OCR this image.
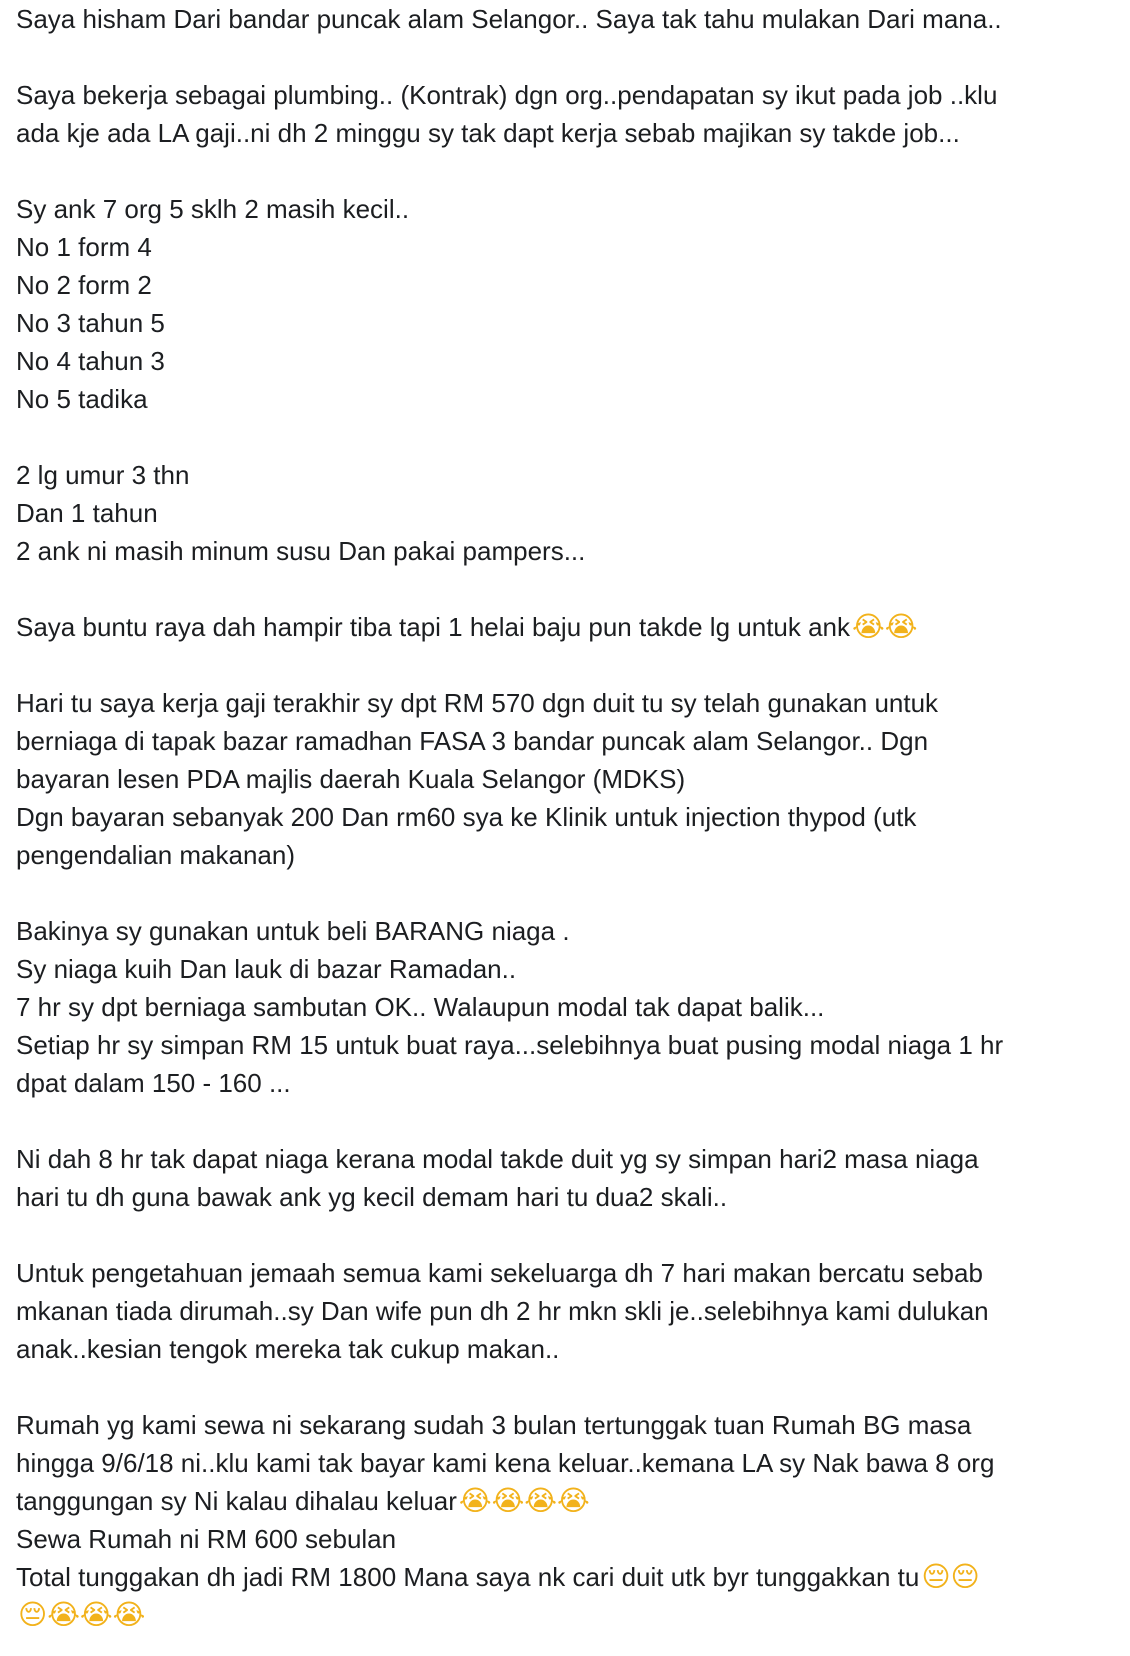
Saya hisham Dari bandar puncak alam Selangor.. Saya tak tahu mulakan Dari mana..
Saya bekerja sebagai plumbing.. (Kontrak) dgn org..pendapatan sy ikut pada job ..klu
ada kje ada LA gaji..ni dh 2 minggu sy tak dapt kerja sebab majikan sy takde job...
Sy ank 7 org 5 sklh 2 masih kecil..
No 1 form 4
No 2 form 2
No 3 tahun 5
No 4 tahun 3
No 5 tadika
2 lg umur 3 thn
Dan 1 tahun
2 ank ni masih minum susu Dan pakai pampers...
Saya buntu raya dah hampir tiba tapi 1 helai baju pun takde lg untuk ank😭😭
Hari tu saya kerja gaji terakhir sy dpt RM 570 dgn duit tu sy telah gunakan untuk
berniaga di tapak bazar ramadhan FASA 3 bandar puncak alam Selangor.. Dgn
bayaran lesen PDA majlis daerah Kuala Selangor (MDKS)
Dgn bayaran sebanyak 200 Dan rm60 sya ke Klinik untuk injection thypod (utk
pengendalian makanan)
Bakinya sy gunakan untuk beli BARANG niaga .
Sy niaga kuih Dan lauk di bazar Ramadan..
7 hr sy dpt berniaga sambutan OK.. Walaupun modal tak dapat balik...
Setiap hr sy simpan RM 15 untuk buat raya...selebihnya buat pusing modal niaga 1 hr
dpat dalam 150 - 160 ...
Ni dah 8 hr tak dapat niaga kerana modal takde duit yg sy simpan hari2 masa niaga
hari tu dh guna bawak ank yg kecil demam hari tu dua2 skali..
Untuk pengetahuan jemaah semua kami sekeluarga dh 7 hari makan bercatu sebab
mkanan tiada dirumah..sy Dan wife pun dh 2 hr mkn skli je..selebihnya kami dulukan
anak..kesian tengok mereka tak cukup makan..
Rumah yg kami sewa ni sekarang sudah 3 bulan tertunggak tuan Rumah BG masa
hingga 9/6/18 ni..klu kami tak bayar kami kena keluar..kemana LA sy Nak bawa 8 org
tanggungan sy Ni kalau dihalau keluar😭😭😭😭
Sewa Rumah ni RM 600 sebulan
Total tunggakan dh jadi RM 1800 Mana saya nk cari duit utk byr tunggakkan tu😔😔
😔😭😭😭
